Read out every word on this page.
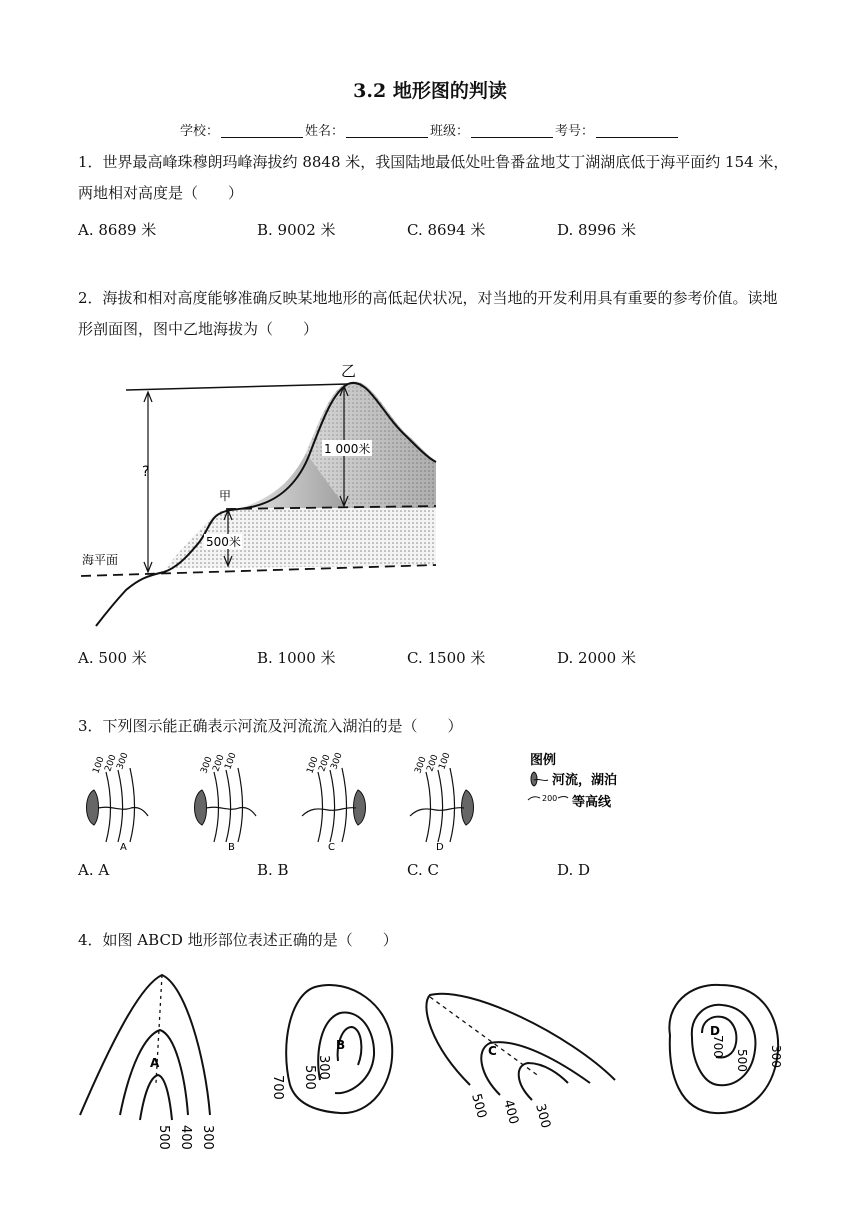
3.2 地形图的判读
学校：	姓名：	班级：	考号：
1．世界最高峰珠穆朗玛峰海拔约 8848 米，我国陆地最低处吐鲁番盆地艾丁湖湖底低于海平面约 154 米，两地相对高度是（　　）
A. 8689 米	B. 9002 米	C. 8694 米	D. 8996 米
2．海拔和相对高度能够准确反映某地地形的高低起伏状况，对当地的开发利用具有重要的参考价值。读地形剖面图，图中乙地海拔为（　　）
1 000米
500米
乙
甲
?
海平面
A. 500 米	B. 1000 米	C. 1500 米	D. 2000 米
3．下列图示能正确表示河流及河流流入湖泊的是（　　）
100
200
300
A
300
200
100
B
100
200
300
C
300
200
100
D
图例
河流，湖泊
200 等高线
A. A	B. B	C. C	D. D
4．如图 ABCD 地形部位表述正确的是（　　）
A
500 400 300
B
700 500 300
C
500 400 300
D
700
500 300
